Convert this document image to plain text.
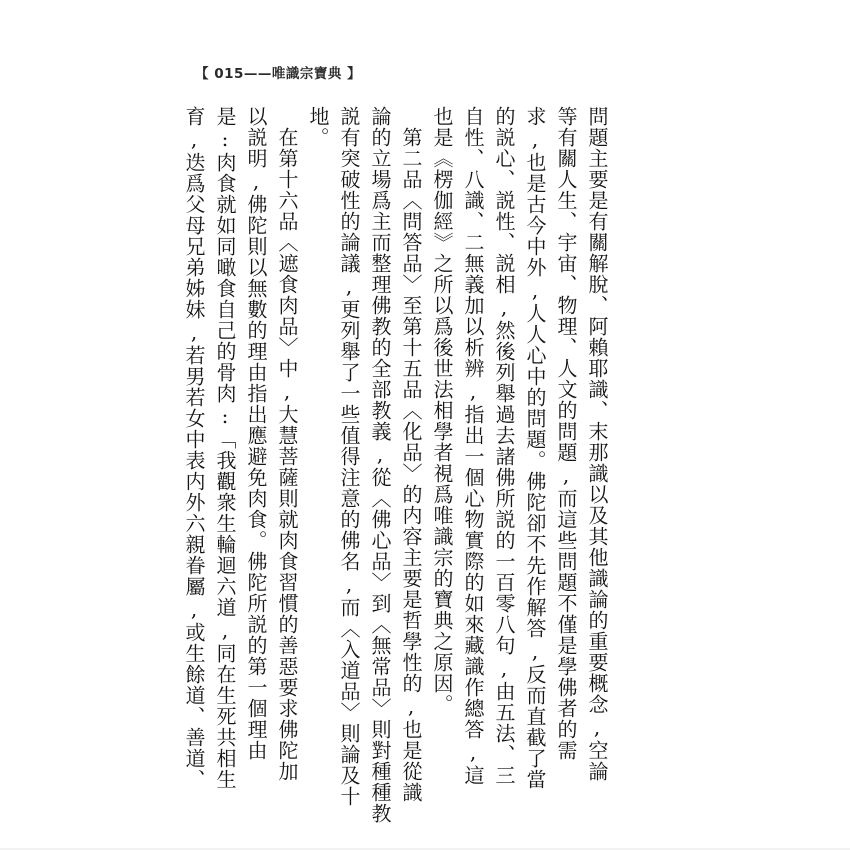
【 015——唯識宗寶典 】
問題主要是有關解脫、阿賴耶識、末那識以及其他識論的重要概念,空論
等有關人生、宇宙、物理、人文的問題,而這些問題不僅是學佛者的需
求,也是古今中外,人人心中的問題。佛陀卻不先作解答,反而直截了當
的説心、説性、説相,然後列舉過去諸佛所説的一百零八句,由五法、三
自性、八識、二無義加以析辨,指出一個心物實際的如來藏識作總答,這
也是《楞伽經》之所以爲後世法相學者視爲唯識宗的寶典之原因。
第二品〈問答品〉至第十五品〈化品〉的内容主要是哲學性的,也是從識
論的立場爲主而整理佛教的全部教義,從〈佛心品〉到〈無常品〉則對種種教
説有突破性的論議,更列舉了一些值得注意的佛名,而〈入道品〉則論及十
地。
在第十六品〈遮食肉品〉中,大慧菩薩則就肉食習慣的善惡要求佛陀加
以説明,佛陀則以無數的理由指出應避免肉食。佛陀所説的第一個理由
是:肉食就如同噉食自己的骨肉:「我觀衆生輪迴六道,同在生死共相生
育,迭爲父母兄弟姊妹,若男若女中表内外六親眷屬,或生餘道、善道、
